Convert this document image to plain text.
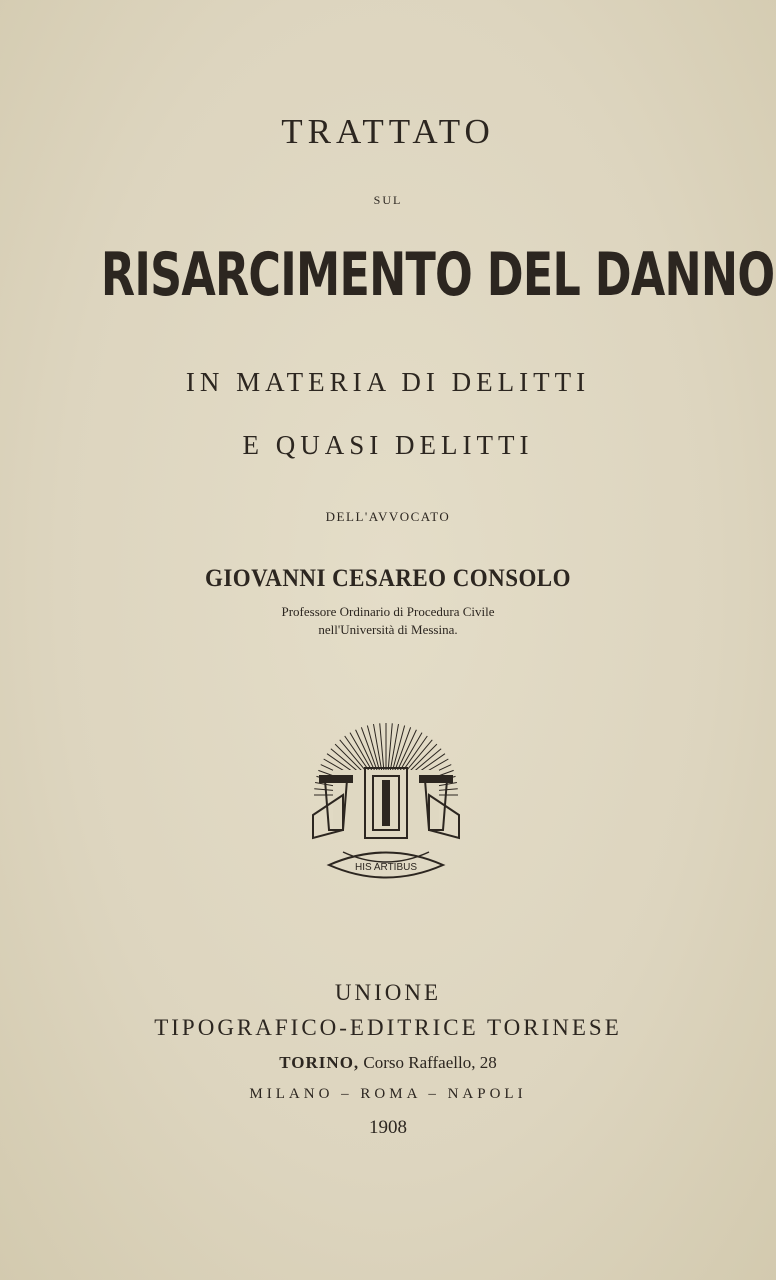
TRATTATO
SUL
RISARCIMENTO DEL DANNO
IN MATERIA DI DELITTI
E QUASI DELITTI
DELL'AVVOCATO
GIOVANNI CESAREO CONSOLO
Professore Ordinario di Procedura Civile
nell'Università di Messina.
HIS ARTIBUS
UNIONE
TIPOGRAFICO-EDITRICE TORINESE
TORINO, Corso Raffaello, 28
MILANO – ROMA – NAPOLI
1908
